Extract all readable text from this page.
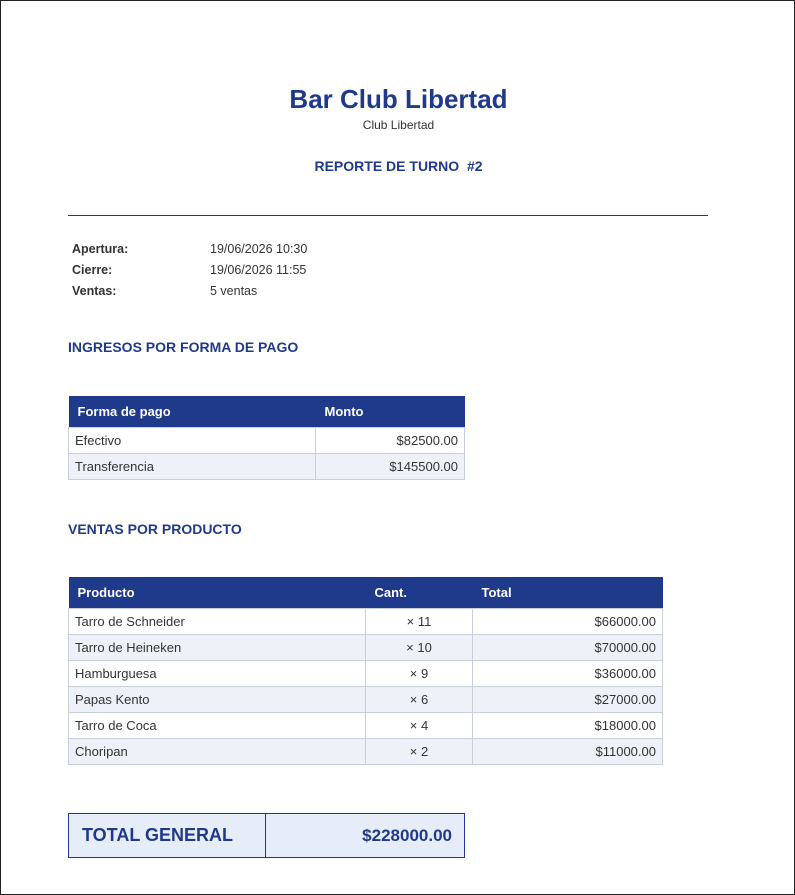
Bar Club Libertad
Club Libertad
REPORTE DE TURNO  #2
Apertura:	19/06/2026 10:30
Cierre:	19/06/2026 11:55
Ventas:	5 ventas
INGRESOS POR FORMA DE PAGO
Forma de pago	Monto
Efectivo	$82500.00
Transferencia	$145500.00
VENTAS POR PRODUCTO
Producto	Cant.	Total
Tarro de Schneider	× 11	$66000.00
Tarro de Heineken	× 10	$70000.00
Hamburguesa	× 9	$36000.00
Papas Kento	× 6	$27000.00
Tarro de Coca	× 4	$18000.00
Choripan	× 2	$11000.00
TOTAL GENERAL	$228000.00
